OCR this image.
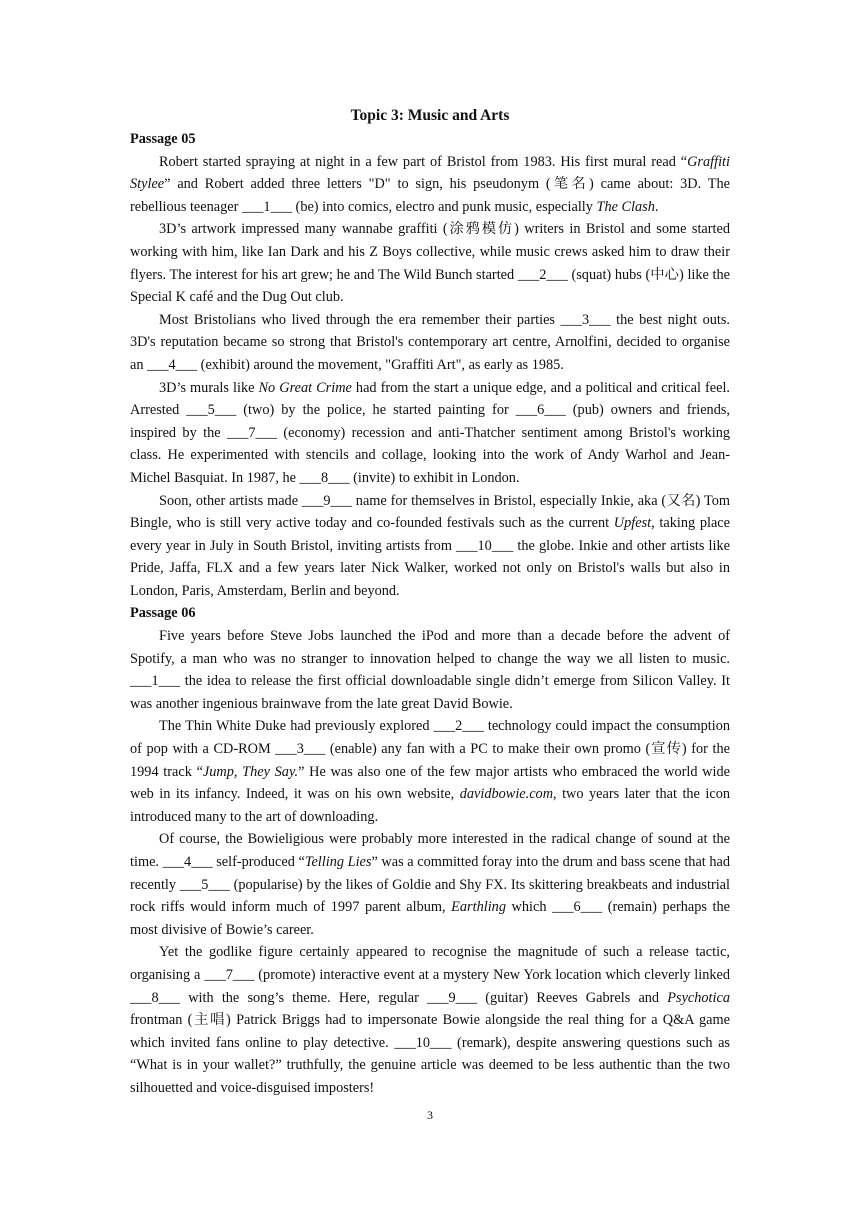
Topic 3: Music and Arts
Passage 05

Robert started spraying at night in a few part of Bristol from 1983. His first mural read “Graffiti Stylee” and Robert added three letters "D" to sign, his pseudonym (笔名) came about: 3D. The rebellious teenager ___1___ (be) into comics, electro and punk music, especially The Clash.

3D’s artwork impressed many wannabe graffiti (涂鸦模仿) writers in Bristol and some started working with him, like Ian Dark and his Z Boys collective, while music crews asked him to draw their flyers. The interest for his art grew; he and The Wild Bunch started ___2___ (squat) hubs (中心) like the Special K café and the Dug Out club.

Most Bristolians who lived through the era remember their parties ___3___ the best night outs. 3D's reputation became so strong that Bristol's contemporary art centre, Arnolfini, decided to organise an ___4___ (exhibit) around the movement, "Graffiti Art", as early as 1985.

3D’s murals like No Great Crime had from the start a unique edge, and a political and critical feel. Arrested ___5___ (two) by the police, he started painting for ___6___ (pub) owners and friends, inspired by the ___7___ (economy) recession and anti-Thatcher sentiment among Bristol's working class. He experimented with stencils and collage, looking into the work of Andy Warhol and Jean-Michel Basquiat. In 1987, he ___8___ (invite) to exhibit in London.

Soon, other artists made ___9___ name for themselves in Bristol, especially Inkie, aka (又名) Tom Bingle, who is still very active today and co-founded festivals such as the current Upfest, taking place every year in July in South Bristol, inviting artists from ___10___ the globe. Inkie and other artists like Pride, Jaffa, FLX and a few years later Nick Walker, worked not only on Bristol's walls but also in London, Paris, Amsterdam, Berlin and beyond.

Passage 06

Five years before Steve Jobs launched the iPod and more than a decade before the advent of Spotify, a man who was no stranger to innovation helped to change the way we all listen to music. ___1___ the idea to release the first official downloadable single didn’t emerge from Silicon Valley. It was another ingenious brainwave from the late great David Bowie.

The Thin White Duke had previously explored ___2___ technology could impact the consumption of pop with a CD-ROM ___3___ (enable) any fan with a PC to make their own promo (宣传) for the 1994 track “Jump, They Say.” He was also one of the few major artists who embraced the world wide web in its infancy. Indeed, it was on his own website, davidbowie.com, two years later that the icon introduced many to the art of downloading.

Of course, the Bowieligious were probably more interested in the radical change of sound at the time. ___4___ self-produced “Telling Lies” was a committed foray into the drum and bass scene that had recently ___5___ (popularise) by the likes of Goldie and Shy FX. Its skittering breakbeats and industrial rock riffs would inform much of 1997 parent album, Earthling which ___6___ (remain) perhaps the most divisive of Bowie’s career.

Yet the godlike figure certainly appeared to recognise the magnitude of such a release tactic, organising a ___7___ (promote) interactive event at a mystery New York location which cleverly linked ___8___ with the song’s theme. Here, regular ___9___ (guitar) Reeves Gabrels and Psychotica frontman (主唱) Patrick Briggs had to impersonate Bowie alongside the real thing for a Q&A game which invited fans online to play detective. ___10___ (remark), despite answering questions such as “What is in your wallet?” truthfully, the genuine article was deemed to be less authentic than the two silhouetted and voice-disguised imposters!

3
